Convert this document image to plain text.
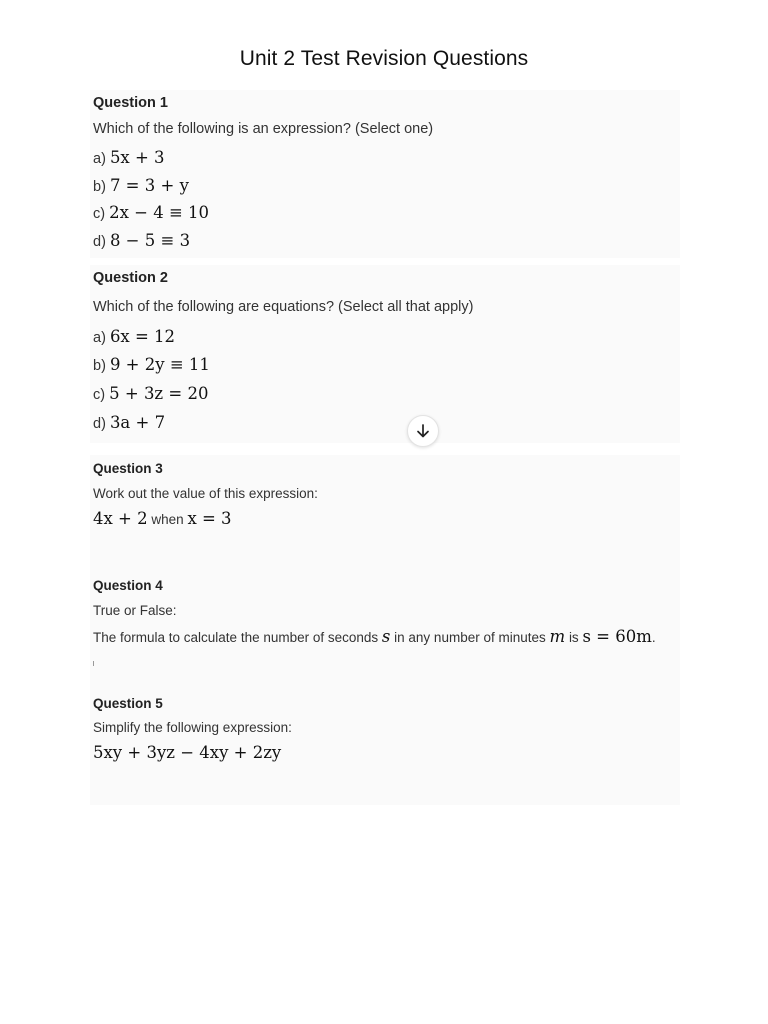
Unit 2 Test Revision Questions
Question 1
Which of the following is an expression? (Select one)
a) 5x + 3
b) 7 = 3 + y
c) 2x − 4 ≡ 10
d) 8 − 5 ≡ 3
Question 2
Which of the following are equations? (Select all that apply)
a) 6x = 12
b) 9 + 2y ≡ 11
c) 5 + 3z = 20
d) 3a + 7
Question 3
Work out the value of this expression:
4x + 2 when x = 3
Question 4
True or False:
The formula to calculate the number of seconds s in any number of minutes m is s = 60m.
Question 5
Simplify the following expression:
5xy + 3yz − 4xy + 2zy
